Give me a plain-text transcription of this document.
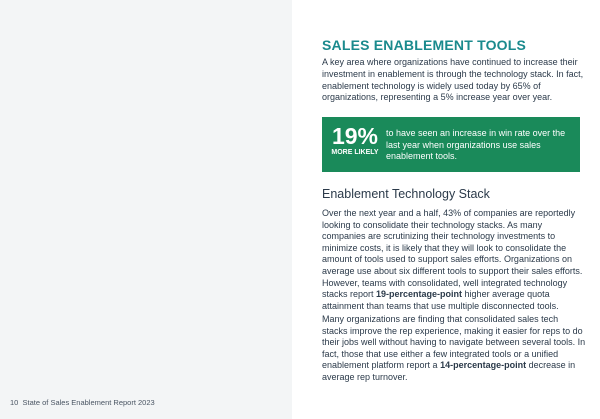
10 State of Sales Enablement Report 2023
SALES ENABLEMENT TOOLS

A key area where organizations have continued to increase their investment in enablement is through the technology stack. In fact, enablement technology is widely used today by 65% of organizations, representing a 5% increase year over year.

19%
MORE LIKELY

to have seen an increase in win rate over the last year when organizations use sales enablement tools.

Enablement Technology Stack

Over the next year and a half, 43% of companies are reportedly looking to consolidate their technology stacks. As many companies are scrutinizing their technology investments to minimize costs, it is likely that they will look to consolidate the amount of tools used to support sales efforts. Organizations on average use about six different tools to support their sales efforts. However, teams with consolidated, well integrated technology stacks report 19-percentage-point higher average quota attainment than teams that use multiple disconnected tools.

Many organizations are finding that consolidated sales tech stacks improve the rep experience, making it easier for reps to do their jobs well without having to navigate between several tools. In fact, those that use either a few integrated tools or a unified enablement platform report a 14-percentage-point decrease in average rep turnover.
